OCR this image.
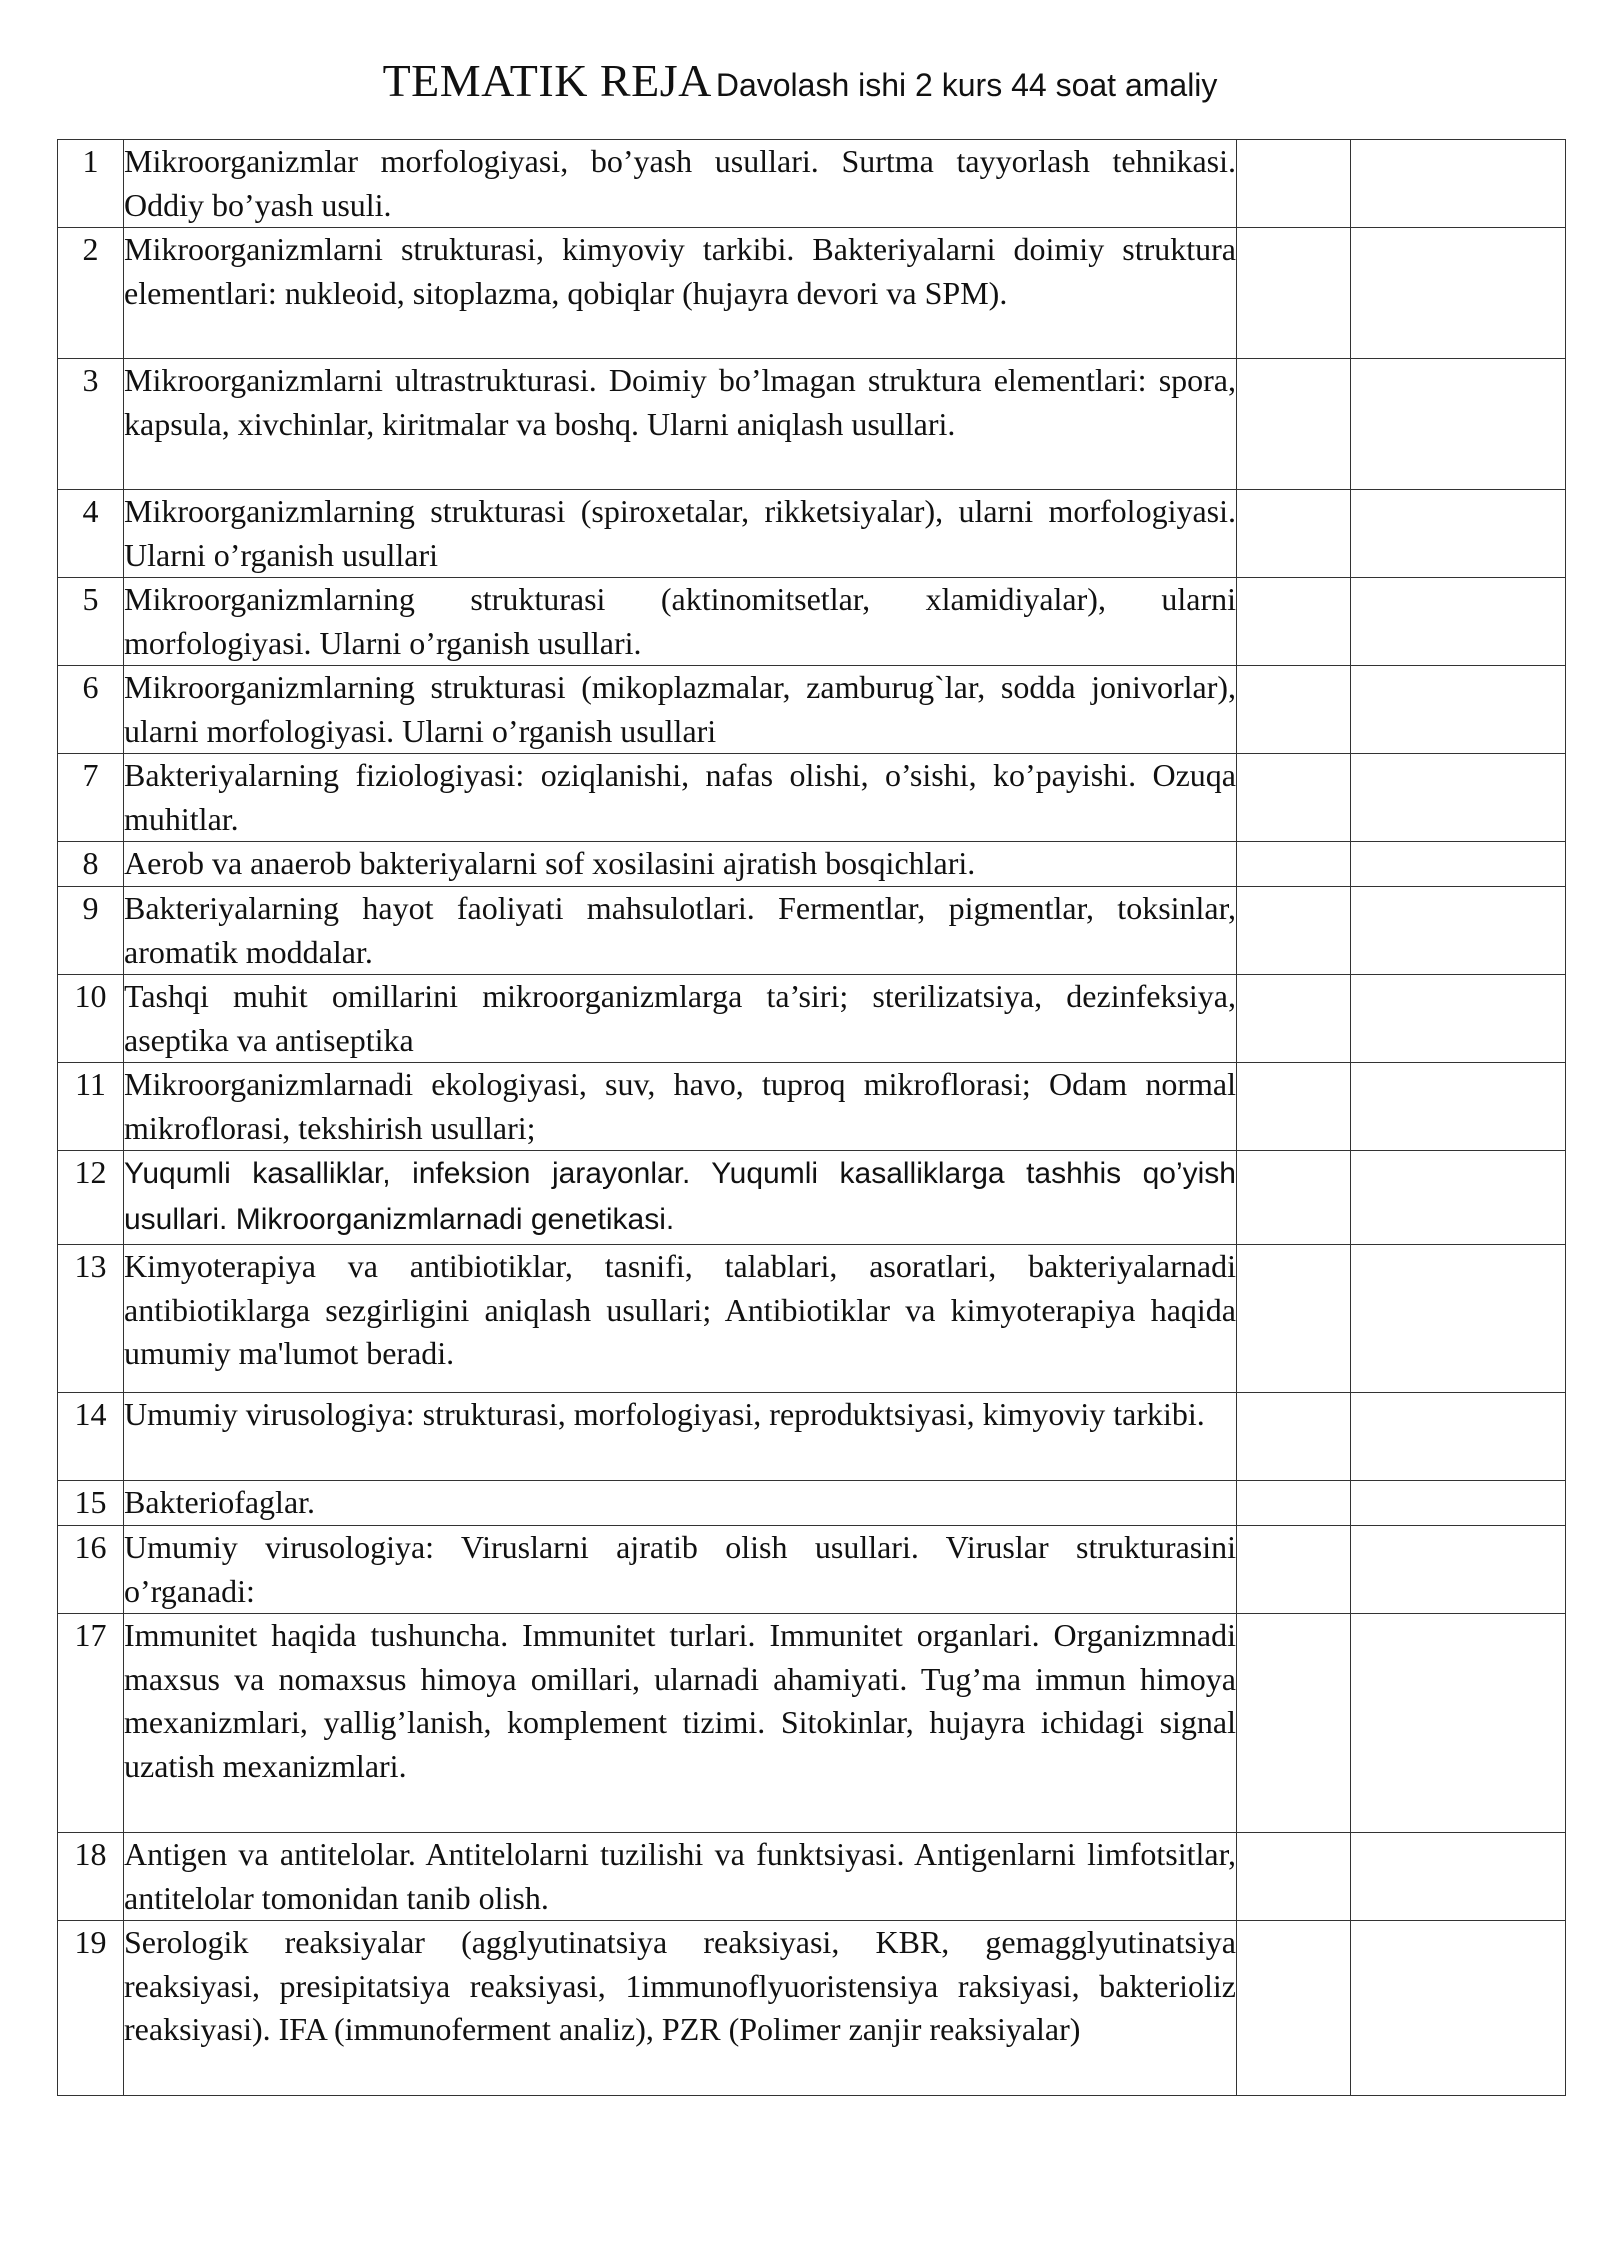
TEMATIK REJA Davolash ishi 2 kurs 44 soat amaliy
1	Mikroorganizmlar morfologiyasi, bo’yash usullari. Surtma tayyorlash tehnikasi. Oddiy bo’yash usuli.		
2	Mikroorganizmlarni strukturasi, kimyoviy tarkibi. Bakteriyalarni doimiy struktura elementlari: nukleoid, sitoplazma, qobiqlar (hujayra devori va SPM).		
3	Mikroorganizmlarni ultrastrukturasi. Doimiy bo’lmagan struktura elementlari: spora, kapsula, xivchinlar, kiritmalar va boshq. Ularni aniqlash usullari.		
4	Mikroorganizmlarning strukturasi (spiroxetalar, rikketsiyalar), ularni morfologiyasi. Ularni o’rganish usullari		
5	Mikroorganizmlarning strukturasi (aktinomitsetlar, xlamidiyalar), ularni morfologiyasi. Ularni o’rganish usullari.		
6	Mikroorganizmlarning strukturasi (mikoplazmalar, zamburug`lar, sodda jonivorlar), ularni morfologiyasi. Ularni o’rganish usullari		
7	Bakteriyalarning fiziologiyasi: oziqlanishi, nafas olishi, o’sishi, ko’payishi. Ozuqa muhitlar.		
8	Aerob va anaerob bakteriyalarni sof xosilasini ajratish bosqichlari.		
9	Bakteriyalarning hayot faoliyati mahsulotlari. Fermentlar, pigmentlar, toksinlar, aromatik moddalar.		
10	Tashqi muhit omillarini mikroorganizmlarga ta’siri; sterilizatsiya, dezinfeksiya, aseptika va antiseptika		
11	Mikroorganizmlarnadi ekologiyasi, suv, havo, tuproq mikroflorasi; Odam normal mikroflorasi, tekshirish usullari;		
12	Yuqumli kasalliklar, infeksion jarayonlar. Yuqumli kasalliklarga tashhis qo’yish usullari. Mikroorganizmlarnadi genetikasi.		
13	Kimyoterapiya va antibiotiklar, tasnifi, talablari, asoratlari, bakteriyalarnadi antibiotiklarga sezgirligini aniqlash usullari; Antibiotiklar va kimyoterapiya haqida umumiy ma'lumot beradi.		
14	Umumiy virusologiya: strukturasi, morfologiyasi, reproduktsiyasi, kimyoviy tarkibi.		
15	Bakteriofaglar.		
16	Umumiy virusologiya: Viruslarni ajratib olish usullari. Viruslar strukturasini o’rganadi:		
17	Immunitet haqida tushuncha. Immunitet turlari. Immunitet organlari. Organizmnadi maxsus va nomaxsus himoya omillari, ularnadi ahamiyati. Tug’ma immun himoya mexanizmlari, yallig’lanish, komplement tizimi. Sitokinlar, hujayra ichidagi signal uzatish mexanizmlari.		
18	Antigen va antitelolar. Antitelolarni tuzilishi va funktsiyasi. Antigenlarni limfotsitlar, antitelolar tomonidan tanib olish.		
19	Serologik reaksiyalar (agglyutinatsiya reaksiyasi, KBR, gemagglyutinatsiya reaksiyasi, presipitatsiya reaksiyasi, 1immunoflyuoristensiya raksiyasi, bakterioliz reaksiyasi). IFA (immunoferment analiz), PZR (Polimer zanjir reaksiyalar)		
